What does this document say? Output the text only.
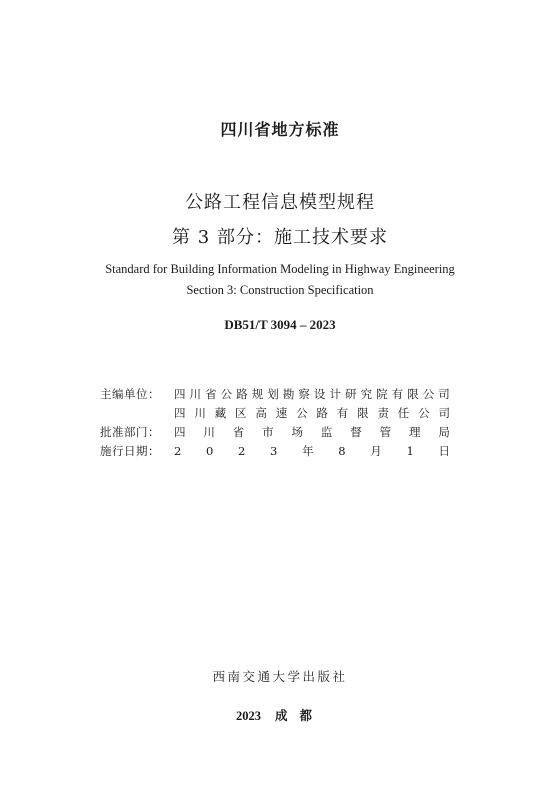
四川省地方标准
公路工程信息模型规程
第 3 部分：施工技术要求
Standard for Building Information Modeling in Highway Engineering
Section 3: Construction Specification
DB51/T 3094 – 2023
主编单位：	四 川 省 公 路 规 划 勘 察 设 计 研 究 院 有 限 公 司
四 川 藏 区 高 速 公 路 有 限 责 任 公 司
批准部门：	四 川 省 市 场 监 督 管 理 局
施行日期：	2 0 2 3 年 8 月 1 日
西南交通大学出版社
2023 成都
